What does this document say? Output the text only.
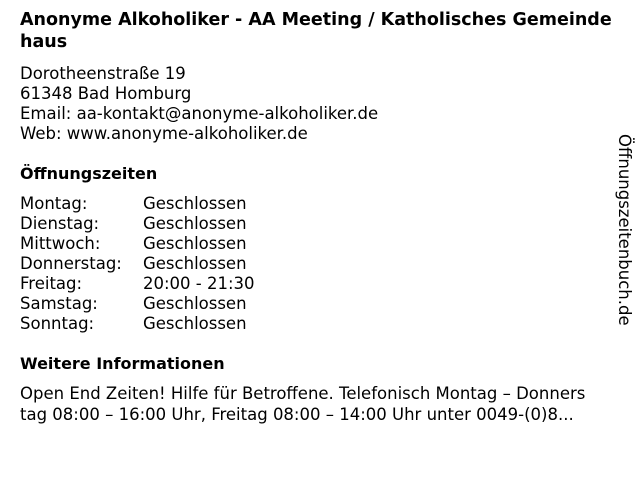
Anonyme Alkoholiker - AA Meeting / Katholisches Gemeindehaus
Dorotheenstraße 19
61348 Bad Homburg
Email: aa-kontakt@anonyme-alkoholiker.de
Web: www.anonyme-alkoholiker.de
Öffnungszeiten
Montag:	Geschlossen
Dienstag:	Geschlossen
Mittwoch:	Geschlossen
Donnerstag:	Geschlossen
Freitag:	20:00 - 21:30
Samstag:	Geschlossen
Sonntag:	Geschlossen
Weitere Informationen
Open End Zeiten! Hilfe für Betroffene. Telefonisch Montag – Donners
tag 08:00 – 16:00 Uhr, Freitag 08:00 – 14:00 Uhr unter 0049-(0)8...
Öffnungszeitenbuch.de
